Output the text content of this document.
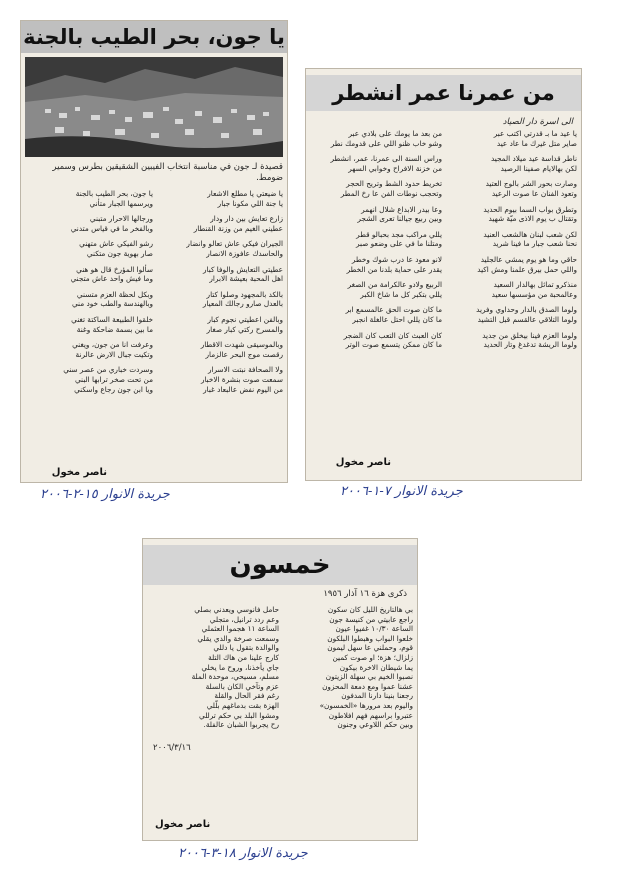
يا جون، بحر الطيب بالجنة
قصيدة لـ جون في مناسبة انتخاب الفيبين الشقيقين بطرس وسمير ضومط.
يا ضيعتي يا مطلع الاشعار
يا جنة اللي مكونا جبار
زارع تعايش بين دار ودار
عطيني الغيم من وزنة القنطار
الجيران فيكي عاش تعالو وانضار
والحاسدك عافوزة الانصار
عطيتي التعايش والوفا كبار
اهل المحبة بعيشة الابرار
بالكد بالمجهود وصلوا كتار
بالعدل صارو رجالك المعيار
وبالفن اعطيتي نجوم كبار
والمسرح ركتي كبار صغار
وبالموسيقى شهدت الاقطار
رقصت موج البحر عالزمار
ولا الصحافة نبتت الاسرار
سمعت صوت بنشرة الاخبار
من اليوم نفض عالبعاد غبار
يا جون، بحر الطيب بالجنة
ويرسمها الجبار متأني
ورجالها الاحرار متبني
وبالفخر ما في قياس متدني
رشو الفيكي عاش متهني
صار بهوية جون متكني
سألوا المؤرخ قال هو هني
وما فيش واحد عاش متجني
وبكل لحظة العزم متسني
وبالهندسة والطب خود مني
خلقوا الطبيعة الساكتة تغني
ما بين بسمة ضاحكة وغنة
وعرفت انا من جون، ويغني
وتكيت جبال الارض عالرنة
وسردت خباري من عصر سني
من تحت صخر ترابها البني
ويا ابن جون رجاع واسكني
ناصر مخول
جريدة الانوار ١٥-٢-٢٠٠٦
من عمرنا عمر انشطر
الى اسرة دار الصياد
يا عيد ما بـ قدرتي اكتب عبر
صاير متل غيرك ما عاد عيد
ناطر قداسة عيد ميلاد المجيد
لكن بهالايام صفينا الرصيد
وصارت بحور الشر بالوج العتيد
وتعود الفنان عا صوت الرعيد
وتطرق بواب السما بيوم الحديد
وتقتال ب يوم الاذى ميّة شهيد
لكن شعب لبنان هالشعب العنيد
نحنا شعب جبار ما فينا شريد
حاقي وما هو يوم يمشي عالجليد
واللي حمل بيرق علمنا ومش اكيد
منذكرو تماثل بهالدار السعيد
وعالمحبة من مؤسسها سعيد
ولوما الصدق بالدار وحداوي وفريد
ولوما التلاقي عالقسم قبل التشيد
ولوما العزم فينا بيخلق من جديد
ولوما الريشة تدغدغ وتار الحديد
من بعد ما يومك على بلادي عبر
وشو خاب ظنو اللي على قدومك نطر
وراس السنة الى عمرنا، عمر، انشطر
من خزنة الافراح وخوابي السهر
تخريط حدود الشط وتريح الحجر
وتحجب نوطات الفن عا رخ المطر
وعا بيدر الابداع شلال انهمر
وبين ربيع جيالنا تعرى الشجر
يللي مراكب مجد بحبالو قطر
ومتلنا ما في على وضعو صبر
لانو معود عا درب شوك وخطر
يقدر على حماية بلدنا من الخطر
الربيع ولادو عالكرامة من الصغر
يللي بتكبر كل ما شاخ الكبر
ما كان صوت الحق عالمسمع ابر
ما كان يللي احتل عالغلة انجبر
كان العبث كان التعب كان الضجر
ما كان ممكن يتسمع صوت الوتر
ناصر مخول
جريدة الانوار ٧-١-٢٠٠٦
خمسون
ذكرى هزة ١٦ آذار ١٩٥٦
بي هالتاريخ الليل كان سكون
راجع عابيتي من كنيسة جون
الساعة ١٠/٣٠ غفيوا عيون
خلعوا البواب وهبطوا البلكون
قوم، وحملني عا سهل ليمون
زلزال؛ هزة؛ او صوت كمين
يما شيطان الاخرة بيكون
نصبوا الخيم بي سهلة الزيتون
عشنا عموا ومع دمعة المحزون
رجعنا بنينا دارنا المدفون
واليوم بعد مرورها «الخمسون»
عتبروا براسهم فهم افلاطون
وبين حكم اللاوعي وجنون
حامل فانوسي ويعدني بصلي
وعم ردد ترانيل، متجلي
الساعة ١١ هجموا العثملي
وسمعت صرخة والدي يقلي
والوالدة بتقول يا دللي
كارج علينا من هاك التلة
جاي يأخذنا، وروح ما يخلي
مسلم، مسيحي، موحدة الملة
عزم وتآخي الكان بالسلة
رغم فقر الحال والقلة
الهزة بقت بدماغهم بلّلي
ومشوا البلد بي حكم ترللي
رح يجربوا الشبان عالفلة.
٢٠٠٦/٣/١٦
ناصر مخول
جريدة الانوار ١٨-٣-٢٠٠٦
